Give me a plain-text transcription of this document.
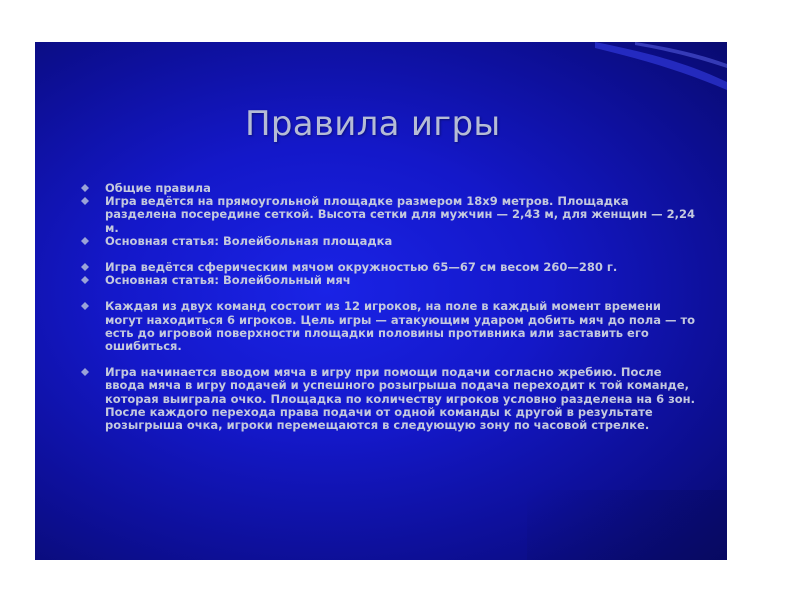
Правила игры
Общие правила
Игра ведётся на прямоугольной площадке размером 18х9 метров. Площадка разделена посередине сеткой. Высота сетки для мужчин — 2,43 м, для женщин — 2,24 м.
Основная статья: Волейбольная площадка
Игра ведётся сферическим мячом окружностью 65—67 см весом 260—280 г.
Основная статья: Волейбольный мяч
Каждая из двух команд состоит из 12 игроков, на поле в каждый момент времени могут находиться 6 игроков. Цель игры — атакующим ударом добить мяч до пола — то есть до игровой поверхности площадки половины противника или заставить его ошибиться.
Игра начинается вводом мяча в игру при помощи подачи согласно жребию. После ввода мяча в игру подачей и успешного розыгрыша подача переходит к той команде, которая выиграла очко. Площадка по количеству игроков условно разделена на 6 зон. После каждого перехода права подачи от одной команды к другой в результате розыгрыша очка, игроки перемещаются в следующую зону по часовой стрелке.
